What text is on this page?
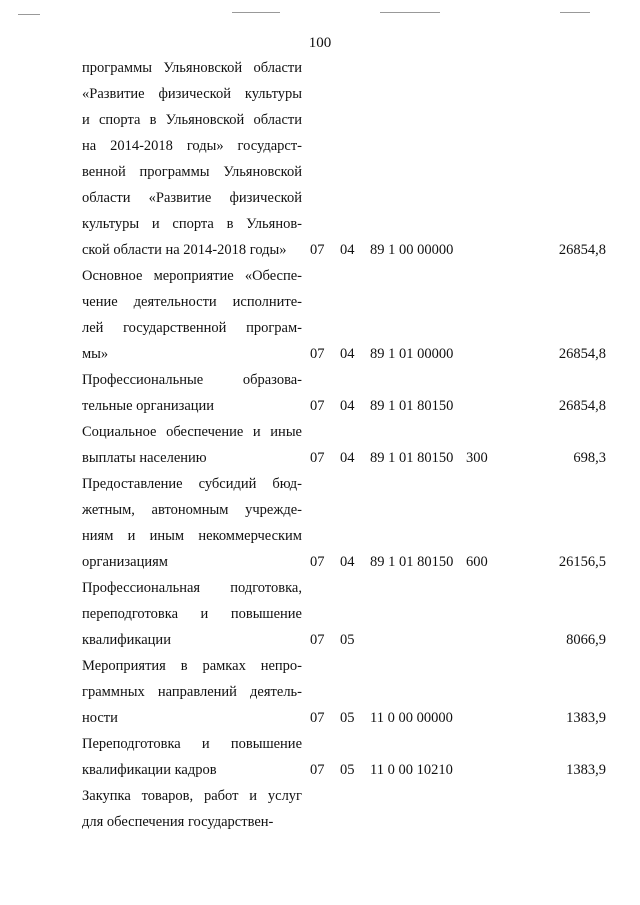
100
программы Ульяновской области
«Развитие физической культуры
и спорта в Ульяновской области
на 2014-2018 годы» государст-
венной программы Ульяновской
области «Развитие физической
культуры и спорта в Ульянов-
ской области на 2014-2018 годы»	07 04 89 1 00 00000	26854,8
Основное мероприятие «Обеспе-
чение деятельности исполните-
лей государственной програм-
мы»	07 04 89 1 01 00000	26854,8
Профессиональные образова-
тельные организации	07 04 89 1 01 80150	26854,8
Социальное обеспечение и иные
выплаты населению	07 04 89 1 01 80150 300	698,3
Предоставление субсидий бюд-
жетным, автономным учрежде-
ниям и иным некоммерческим
организациям	07 04 89 1 01 80150 600	26156,5
Профессиональная подготовка,
переподготовка и повышение
квалификации	07 05	8066,9
Мероприятия в рамках непро-
граммных направлений деятель-
ности	07 05 11 0 00 00000	1383,9
Переподготовка и повышение
квалификации кадров	07 05 11 0 00 10210	1383,9
Закупка товаров, работ и услуг
для обеспечения государствен-
